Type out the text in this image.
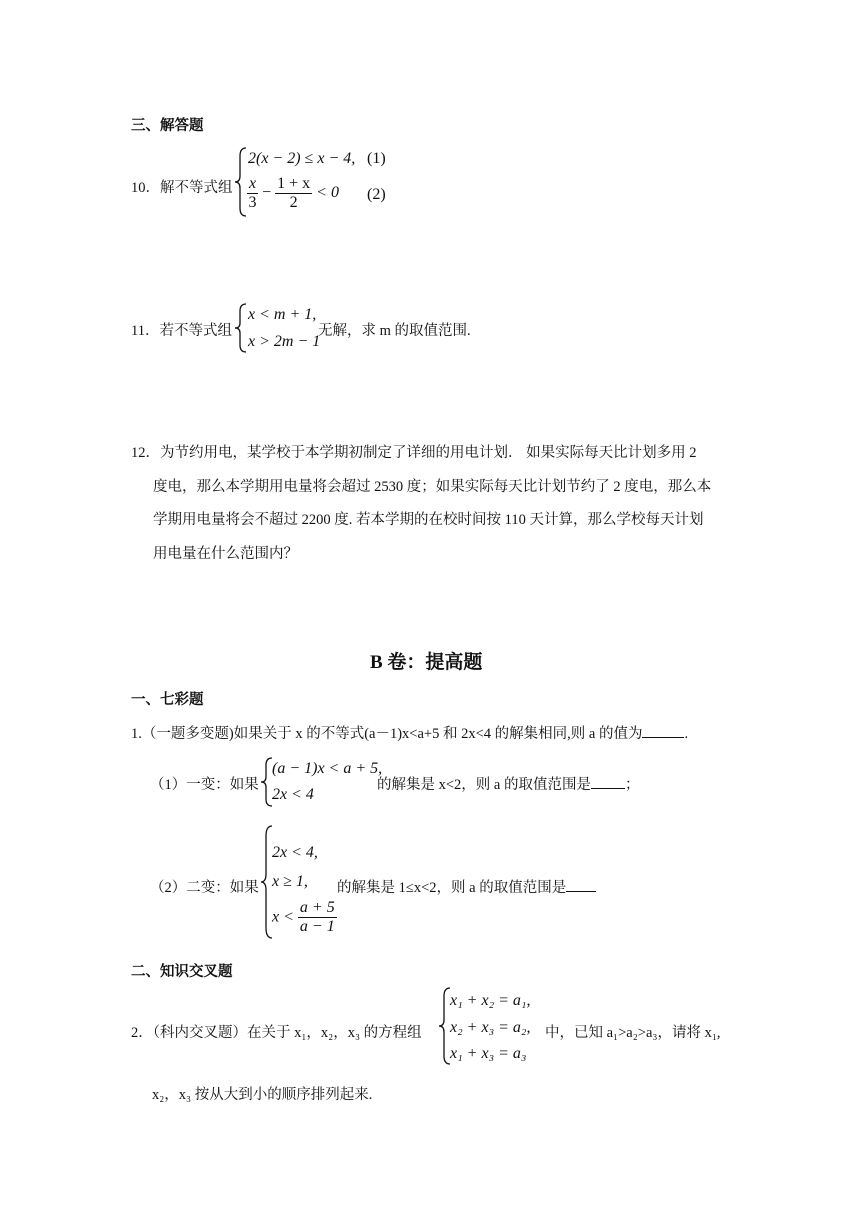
三、解答题
10．解不等式组
2(x − 2) ≤ x − 4, (1)
$\frac{x}{3} - \frac{1 + x}{2} < 0$ (2)
11．若不等式组
x < m + 1,
x > 2m − 1
无解，求 m 的取值范围.
12．为节约用电，某学校于本学期初制定了详细的用电计划． 如果实际每天比计划多用 2
度电，那么本学期用电量将会超过 2530 度；如果实际每天比计划节约了 2 度电，那么本
学期用电量将会不超过 2200 度. 若本学期的在校时间按 110 天计算，那么学校每天计划
用电量在什么范围内？
B 卷：提高题
一、七彩题
1.（一题多变题)如果关于 x 的不等式(a－1)x<a+5 和 2x<4 的解集相同,则 a 的值为	.
（1）一变：如果
(a − 1)x < a + 5,
2x < 4
的解集是 x<2，则 a 的取值范围是 ；
（2）二变：如果
2x < 4,
x ≥ 1,
$x < \frac{a + 5}{a - 1}$
的解集是 1≤x<2，则 a 的取值范围是
二、知识交叉题
2．（科内交叉题）在关于 x₁，x₂，x₃ 的方程组
x₁ + x₂ = a₁,
x₂ + x₃ = a₂,
x₁ + x₃ = a₃
中，已知 a₁>a₂>a₃，请将 x₁,
x₂，x₃ 按从大到小的顺序排列起来.
